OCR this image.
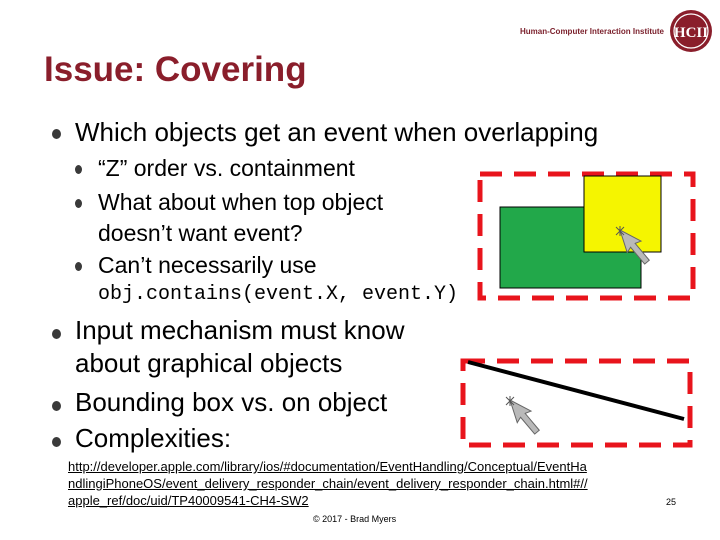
Human-Computer Interaction Institute HCII
Issue: Covering
Which objects get an event when overlapping
“Z” order vs. containment
What about when top object
doesn’t want event?
Can’t necessarily use
obj.contains(event.X, event.Y)
Input mechanism must know
about graphical objects
Bounding box vs. on object
Complexities:
http://developer.apple.com/library/ios/#documentation/EventHandling/Conceptual/EventHa
ndlingiPhoneOS/event_delivery_responder_chain/event_delivery_responder_chain.html#//
apple_ref/doc/uid/TP40009541-CH4-SW2	25
© 2017 - Brad Myers
